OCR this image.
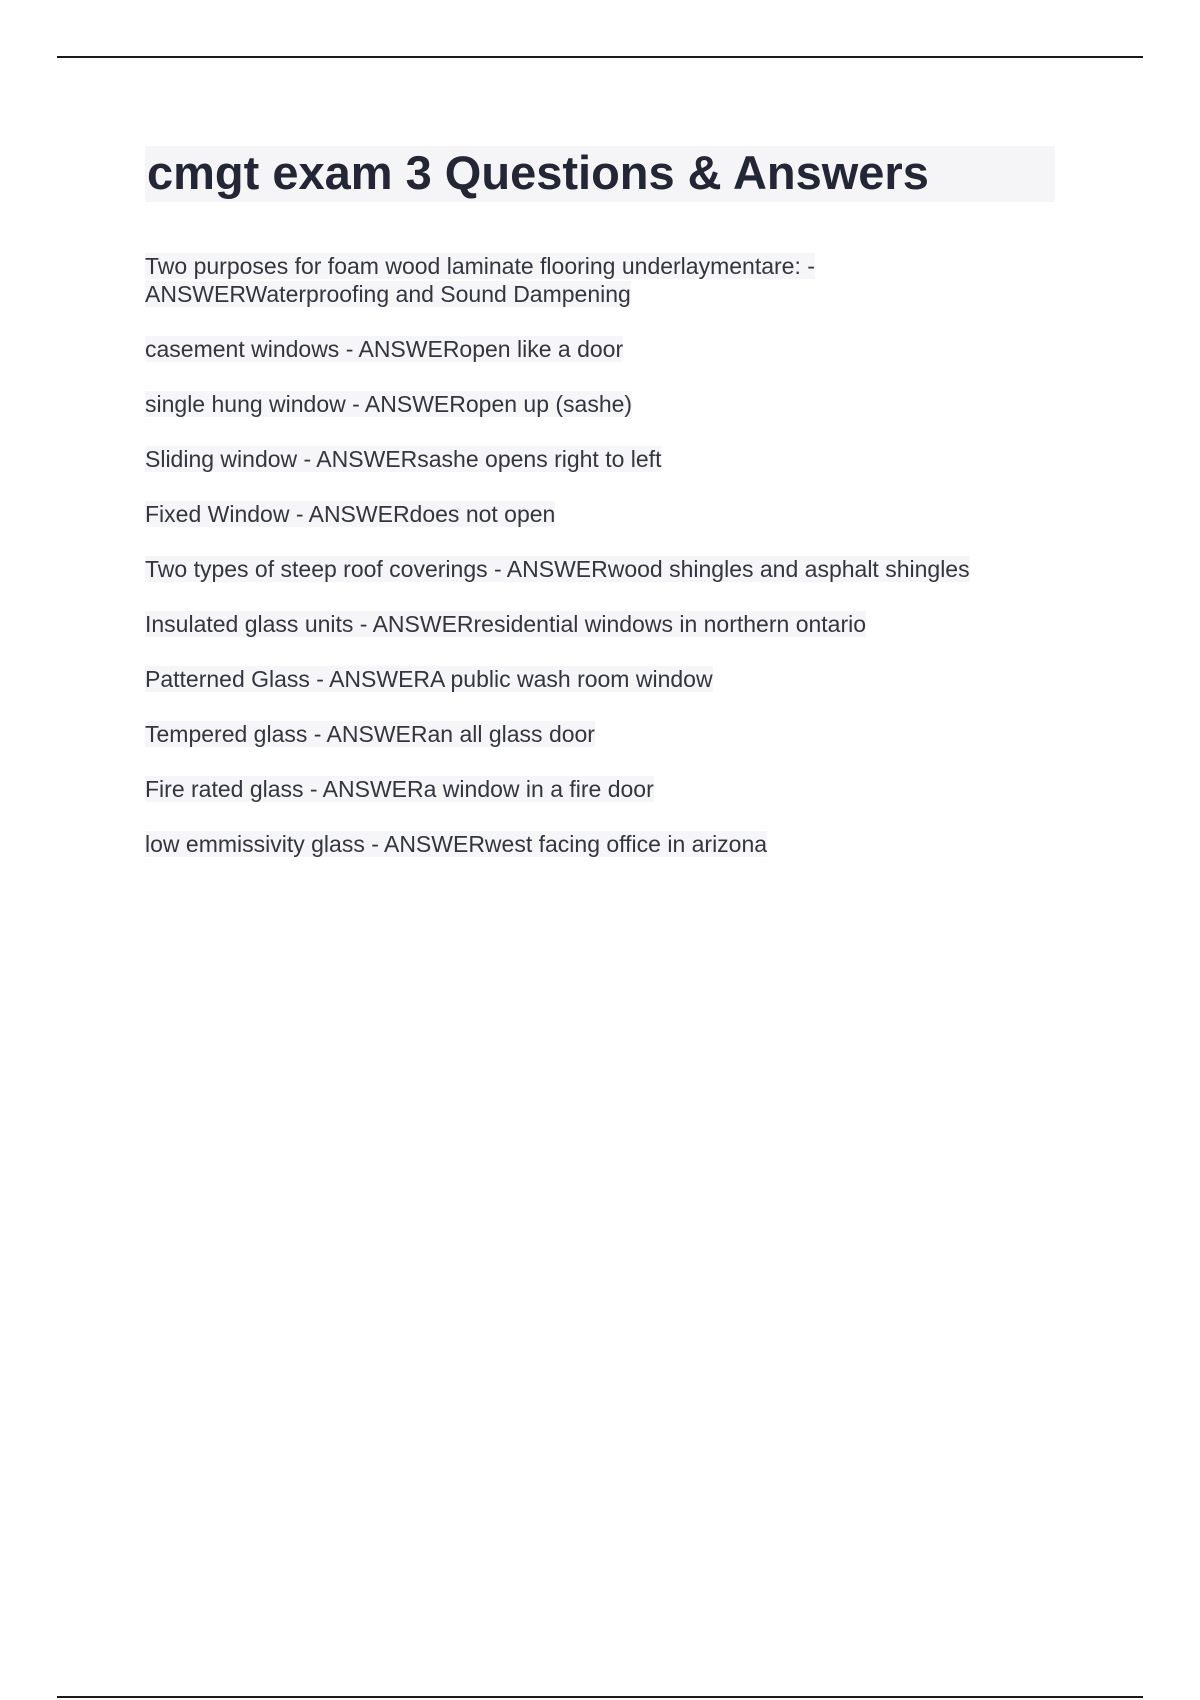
cmgt exam 3 Questions & Answers
Two purposes for foam wood laminate flooring underlaymentare: - ANSWERWaterproofing and Sound Dampening
casement windows - ANSWERopen like a door
single hung window - ANSWERopen up (sashe)
Sliding window - ANSWERsashe opens right to left
Fixed Window - ANSWERdoes not open
Two types of steep roof coverings - ANSWERwood shingles and asphalt shingles
Insulated glass units - ANSWERresidential windows in northern ontario
Patterned Glass - ANSWERA public wash room window
Tempered glass - ANSWERan all glass door
Fire rated glass - ANSWERa window in a fire door
low emmissivity glass - ANSWERwest facing office in arizona
